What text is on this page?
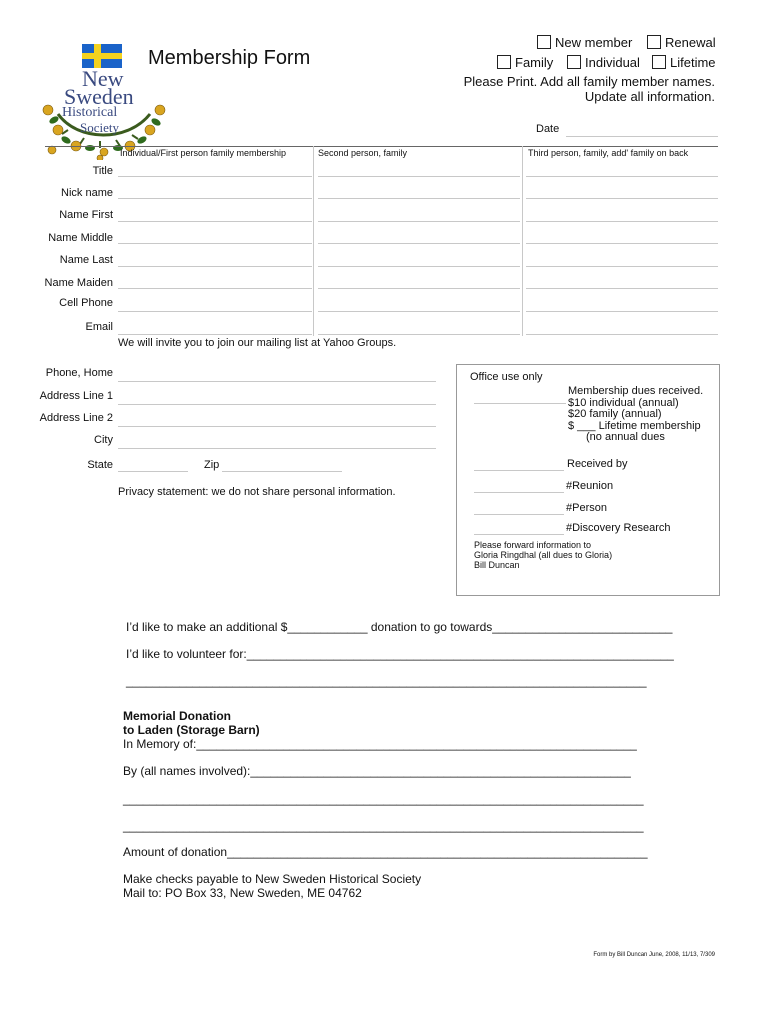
New
Sweden
Historical
Society
Membership Form
New member	Renewal
Family	Individual	Lifetime
Please Print. Add all family member names.
Update all information.
Date
Individual/First person family membership	Second person, family	Third person, family, add' family on back
Title
Nick name
Name First
Name Middle
Name Last
Name Maiden
Cell Phone
Email
We will invite you to join our mailing list at Yahoo Groups.
Phone, Home
Address Line 1
Address Line 2
City
State	Zip
Privacy statement: we do not share personal information.
Office use only
Membership dues received.
$10 individual (annual)
$20 family (annual)
$ ___ Lifetime membership
(no annual dues
Received by
#Reunion
#Person
#Discovery Research
Please forward information to
Gloria Ringdhal (all dues to Gloria)
Bill Duncan
I’d like to make an additional $____________ donation to go towards___________________________
I’d like to volunteer for:________________________________________________________________
______________________________________________________________________________
Memorial Donation
to Laden (Storage Barn)
In Memory of:__________________________________________________________________
By (all names involved):_________________________________________________________
______________________________________________________________________________
______________________________________________________________________________
Amount of donation_______________________________________________________________
Make checks payable to New Sweden Historical Society
Mail to: PO Box 33, New Sweden, ME 04762
Form by Bill Duncan June, 2008, 11/13, 7/309
